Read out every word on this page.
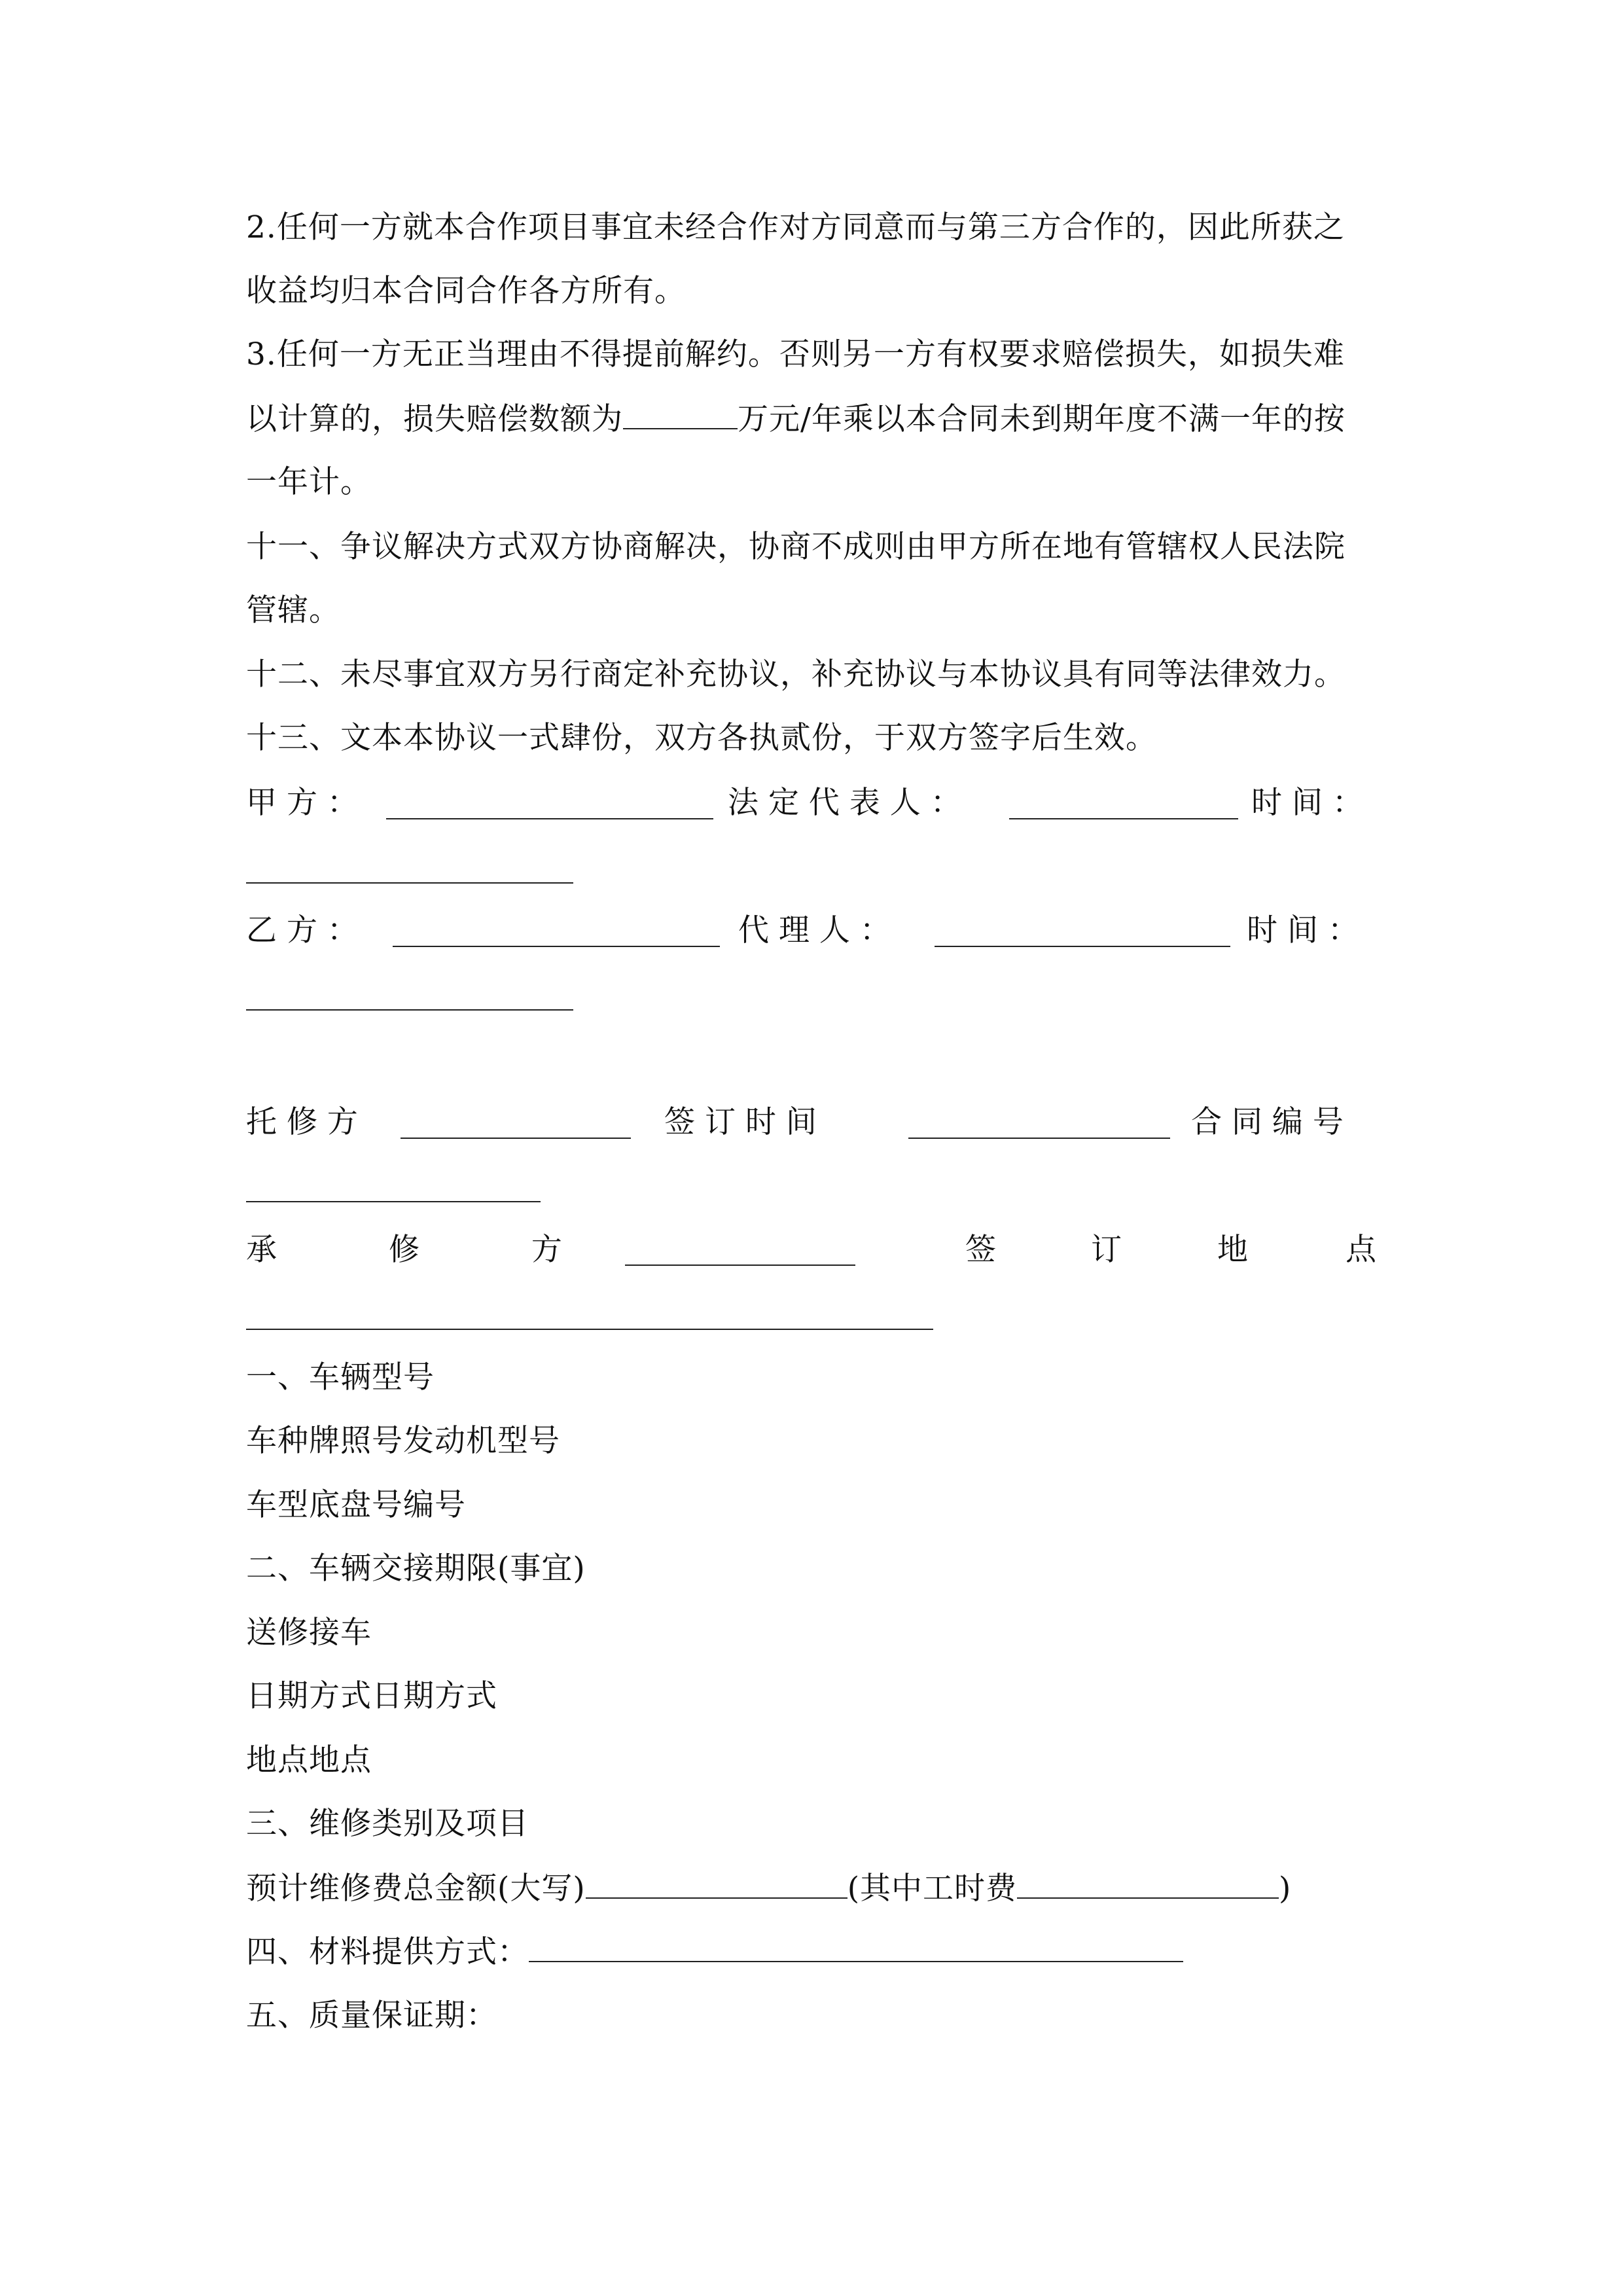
2.任何一方就本合作项目事宜未经合作对方同意而与第三方合作的，因此所获之
收益均归本合同合作各方所有。
3.任何一方无正当理由不得提前解约。否则另一方有权要求赔偿损失，如损失难
以计算的，损失赔偿数额为	万元/年乘以本合同未到期年度不满一年的按
一年计。
十一、争议解决方式双方协商解决，协商不成则由甲方所在地有管辖权人民法院
管辖。
十二、未尽事宜双方另行商定补充协议，补充协议与本协议具有同等法律效力。
十三、文本本协议一式肆份，双方各执贰份，于双方签字后生效。
甲 方 ：	法 定 代 表 人 ：	时 间 ：
乙 方 ：	代 理 人 ：	时 间 ：
托 修 方	签 订 时 间	合 同 编 号
承 修 方	签	订	地	点
一、车辆型号
车种牌照号发动机型号
车型底盘号编号
二、车辆交接期限(事宜)
送修接车
日期方式日期方式
地点地点
三、维修类别及项目
预计维修费总金额(大写)	(其中工时费	)
四、材料提供方式：
五、质量保证期：
